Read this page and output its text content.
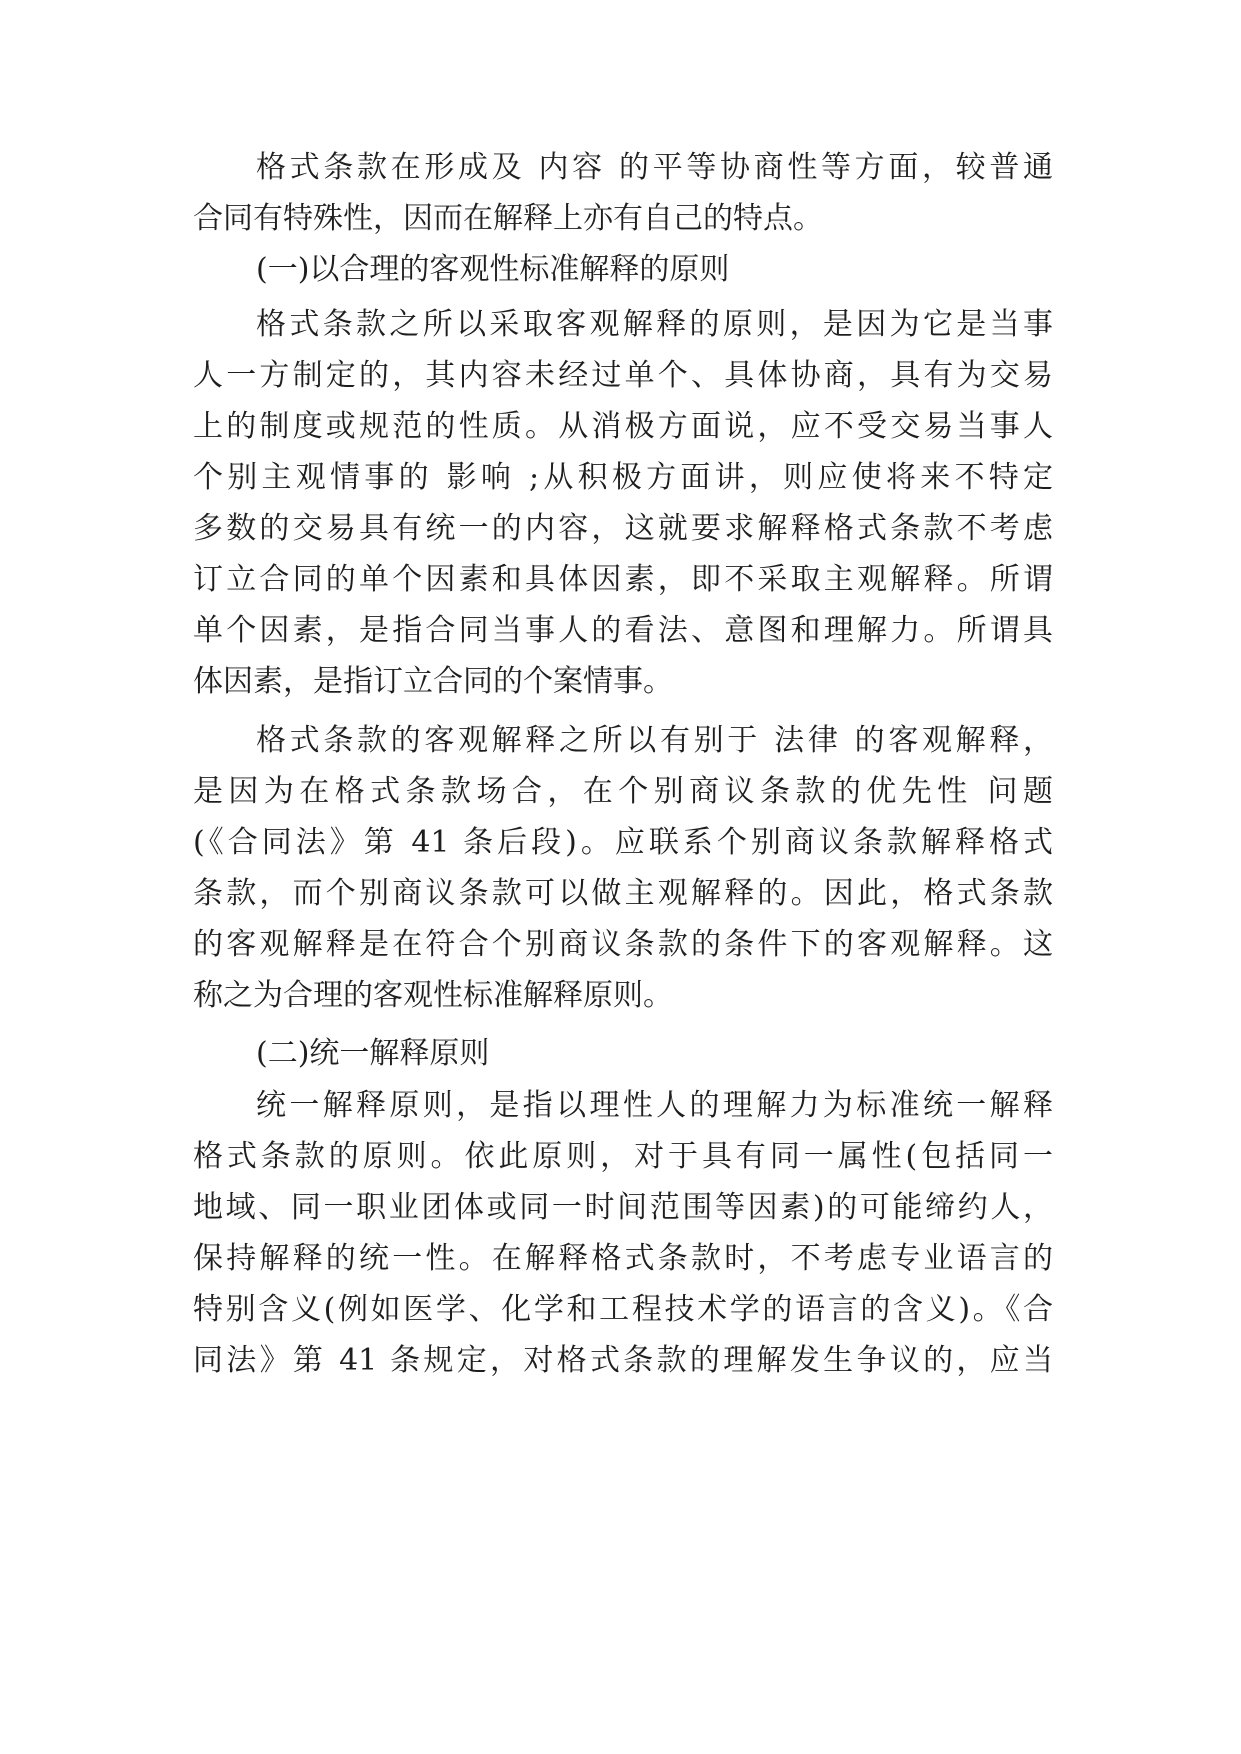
格式条款在形成及 内容 的平等协商性等方面，较普通
合同有特殊性，因而在解释上亦有自己的特点。
(一)以合理的客观性标准解释的原则
格式条款之所以采取客观解释的原则，是因为它是当事
人一方制定的，其内容未经过单个、具体协商，具有为交易
上的制度或规范的性质。从消极方面说，应不受交易当事人
个别主观情事的 影响 ;从积极方面讲，则应使将来不特定
多数的交易具有统一的内容，这就要求解释格式条款不考虑
订立合同的单个因素和具体因素，即不采取主观解释。所谓
单个因素，是指合同当事人的看法、意图和理解力。所谓具
体因素，是指订立合同的个案情事。
格式条款的客观解释之所以有别于 法律 的客观解释，
是因为在格式条款场合，在个别商议条款的优先性 问题
(《合同法》第 41 条后段)。应联系个别商议条款解释格式
条款，而个别商议条款可以做主观解释的。因此，格式条款
的客观解释是在符合个别商议条款的条件下的客观解释。这
称之为合理的客观性标准解释原则。
(二)统一解释原则
统一解释原则，是指以理性人的理解力为标准统一解释
格式条款的原则。依此原则，对于具有同一属性(包括同一
地域、同一职业团体或同一时间范围等因素)的可能缔约人，
保持解释的统一性。在解释格式条款时，不考虑专业语言的
特别含义(例如医学、化学和工程技术学的语言的含义)。《合
同法》第 41 条规定，对格式条款的理解发生争议的，应当
